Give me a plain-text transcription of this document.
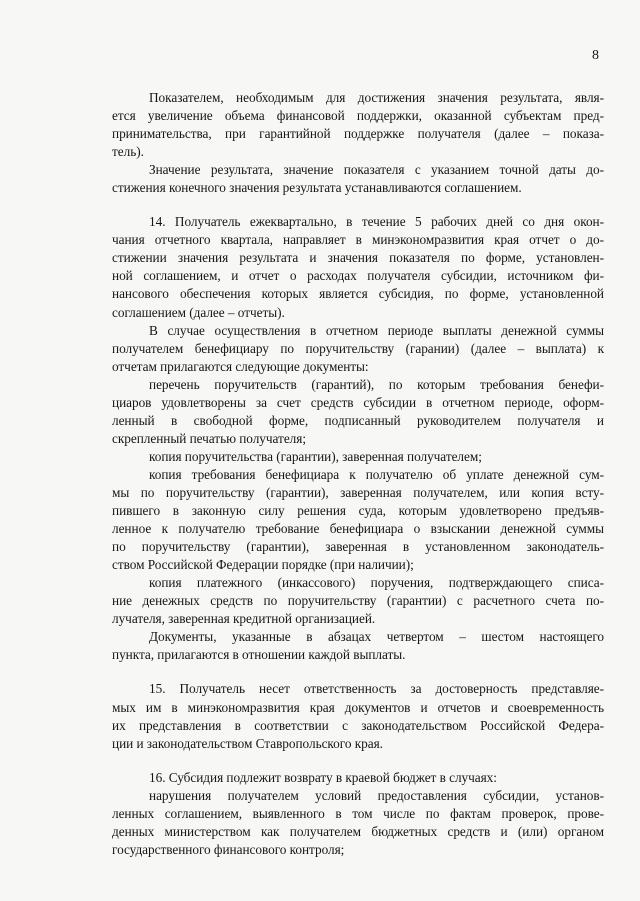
8
Показателем, необходимым для достижения значения результата, явля-
ется увеличение объема финансовой поддержки, оказанной субъектам пред-
принимательства, при гарантийной поддержке получателя (далее – показа-
тель).
Значение результата, значение показателя с указанием точной даты до-
стижения конечного значения результата устанавливаются соглашением.
14. Получатель ежеквартально, в течение 5 рабочих дней со дня окон-
чания отчетного квартала, направляет в минэкономразвития края отчет о до-
стижении значения результата и значения показателя по форме, установлен-
ной соглашением, и отчет о расходах получателя субсидии, источником фи-
нансового обеспечения которых является субсидия, по форме, установленной
соглашением (далее – отчеты).
В случае осуществления в отчетном периоде выплаты денежной суммы
получателем бенефициару по поручительству (гарании) (далее – выплата) к
отчетам прилагаются следующие документы:
перечень поручительств (гарантий), по которым требования бенефи-
циаров удовлетворены за счет средств субсидии в отчетном периоде, оформ-
ленный в свободной форме, подписанный руководителем получателя и
скрепленный печатью получателя;
копия поручительства (гарантии), заверенная получателем;
копия требования бенефициара к получателю об уплате денежной сум-
мы по поручительству (гарантии), заверенная получателем, или копия всту-
пившего в законную силу решения суда, которым удовлетворено предъяв-
ленное к получателю требование бенефициара о взыскании денежной суммы
по поручительству (гарантии), заверенная в установленном законодатель-
ством Российской Федерации порядке (при наличии);
копия платежного (инкассового) поручения, подтверждающего списа-
ние денежных средств по поручительству (гарантии) с расчетного счета по-
лучателя, заверенная кредитной организацией.
Документы, указанные в абзацах четвертом – шестом настоящего
пункта, прилагаются в отношении каждой выплаты.
15. Получатель несет ответственность за достоверность представляе-
мых им в минэкономразвития края документов и отчетов и своевременность
их представления в соответствии с законодательством Российской Федера-
ции и законодательством Ставропольского края.
16. Субсидия подлежит возврату в краевой бюджет в случаях:
нарушения получателем условий предоставления субсидии, установ-
ленных соглашением, выявленного в том числе по фактам проверок, прове-
денных министерством как получателем бюджетных средств и (или) органом
государственного финансового контроля;
